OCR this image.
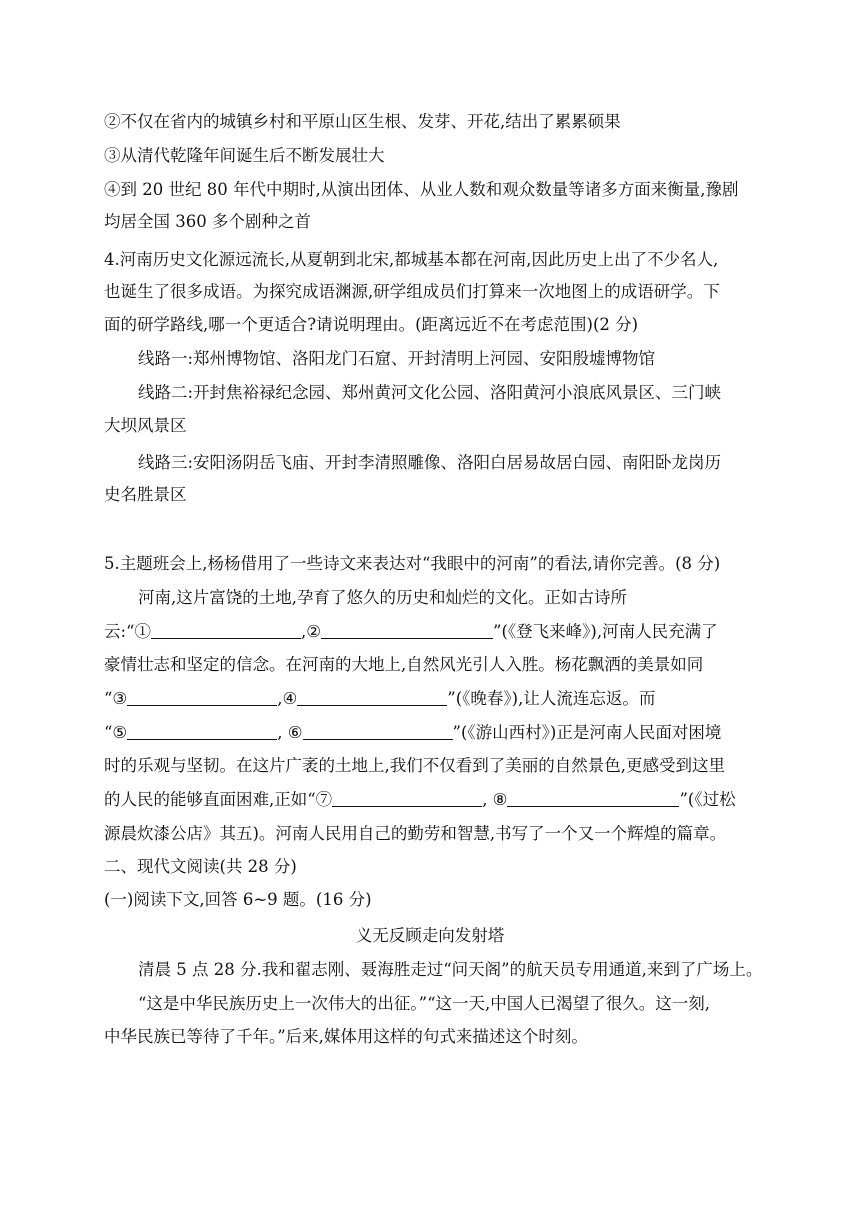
②不仅在省内的城镇乡村和平原山区生根、发芽、开花,结出了累累硕果
③从清代乾隆年间诞生后不断发展壮大
④到 20 世纪 80 年代中期时,从演出团体、从业人数和观众数量等诸多方面来衡量,豫剧
均居全国 360 多个剧种之首
4.河南历史文化源远流长,从夏朝到北宋,都城基本都在河南,因此历史上出了不少名人,
也诞生了很多成语。为探究成语渊源,研学组成员们打算来一次地图上的成语研学。下
面的研学路线,哪一个更适合?请说明理由。(距离远近不在考虑范围)(2 分)
线路一:郑州博物馆、洛阳龙门石窟、开封清明上河园、安阳殷墟博物馆
线路二:开封焦裕禄纪念园、郑州黄河文化公园、洛阳黄河小浪底风景区、三门峡
大坝风景区
线路三:安阳汤阴岳飞庙、开封李清照雕像、洛阳白居易故居白园、南阳卧龙岗历
史名胜景区
5.主题班会上,杨杨借用了一些诗文来表达对“我眼中的河南”的看法,请你完善。(8 分)
河南,这片富饶的土地,孕育了悠久的历史和灿烂的文化。正如古诗所
云:“①	,②	”(《登飞来峰》),河南人民充满了
豪情壮志和坚定的信念。在河南的大地上,自然风光引人入胜。杨花飘洒的美景如同
“③	,④	”(《晚春》),让人流连忘返。而
“⑤	, ⑥	”(《游山西村》)正是河南人民面对困境
时的乐观与坚韧。在这片广袤的土地上,我们不仅看到了美丽的自然景色,更感受到这里
的人民的能够直面困难,正如“⑦	, ⑧	”(《过松
源晨炊漆公店》其五)。河南人民用自己的勤劳和智慧,书写了一个又一个辉煌的篇章。
二、现代文阅读(共 28 分)
(一)阅读下文,回答 6~9 题。(16 分)
义无反顾走向发射塔
清晨 5 点 28 分.我和翟志刚、聂海胜走过“问天阁”的航天员专用通道,来到了广场上。
“这是中华民族历史上一次伟大的出征。”“这一天,中国人已渴望了很久。这一刻,
中华民族已等待了千年。”后来,媒体用这样的句式来描述这个时刻。
